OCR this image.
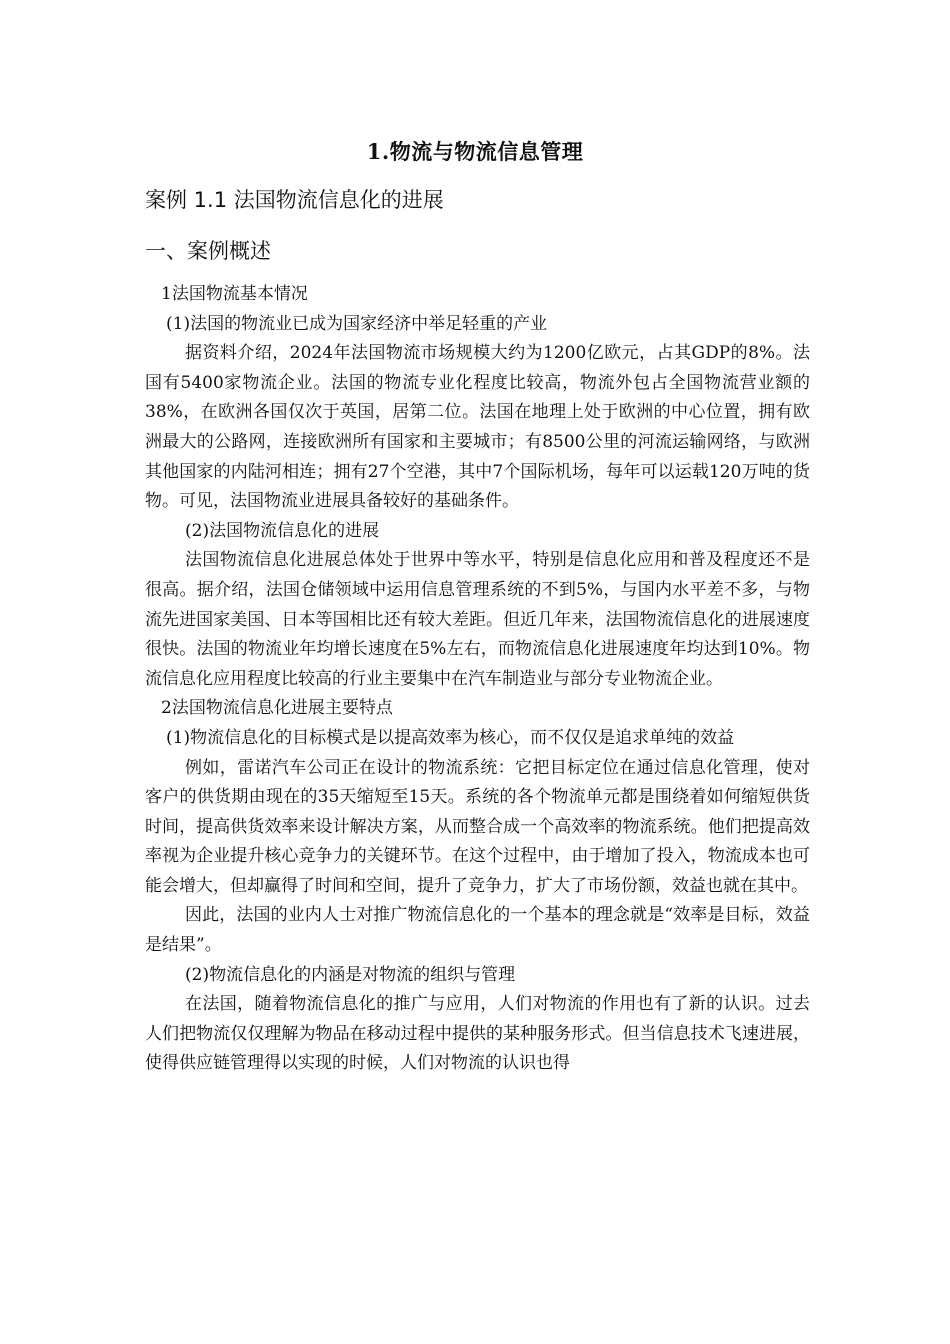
1.物流与物流信息管理
案例 1.1 法国物流信息化的进展
一、案例概述

1法国物流基本情况

(1)法国的物流业已成为国家经济中举足轻重的产业

据资料介绍，2024年法国物流市场规模大约为1200亿欧元，占其GDP的8%。法国有5400家物流企业。法国的物流专业化程度比较高，物流外包占全国物流营业额的38%，在欧洲各国仅次于英国，居第二位。法国在地理上处于欧洲的中心位置，拥有欧洲最大的公路网，连接欧洲所有国家和主要城市；有8500公里的河流运输网络，与欧洲其他国家的内陆河相连；拥有27个空港，其中7个国际机场，每年可以运载120万吨的货物。可见，法国物流业进展具备较好的基础条件。

(2)法国物流信息化的进展

法国物流信息化进展总体处于世界中等水平，特别是信息化应用和普及程度还不是很高。据介绍，法国仓储领域中运用信息管理系统的不到5%，与国内水平差不多，与物流先进国家美国、日本等国相比还有较大差距。但近几年来，法国物流信息化的进展速度很快。法国的物流业年均增长速度在5%左右，而物流信息化进展速度年均达到10%。物流信息化应用程度比较高的行业主要集中在汽车制造业与部分专业物流企业。

2法国物流信息化进展主要特点

(1)物流信息化的目标模式是以提高效率为核心，而不仅仅是追求单纯的效益

例如，雷诺汽车公司正在设计的物流系统：它把目标定位在通过信息化管理，使对客户的供货期由现在的35天缩短至15天。系统的各个物流单元都是围绕着如何缩短供货时间，提高供货效率来设计解决方案，从而整合成一个高效率的物流系统。他们把提高效率视为企业提升核心竞争力的关键环节。在这个过程中，由于增加了投入，物流成本也可能会增大，但却赢得了时间和空间，提升了竞争力，扩大了市场份额，效益也就在其中。

因此，法国的业内人士对推广物流信息化的一个基本的理念就是“效率是目标，效益是结果”。

(2)物流信息化的内涵是对物流的组织与管理

在法国，随着物流信息化的推广与应用，人们对物流的作用也有了新的认识。过去人们把物流仅仅理解为物品在移动过程中提供的某种服务形式。但当信息技术飞速进展，使得供应链管理得以实现的时候，人们对物流的认识也得
